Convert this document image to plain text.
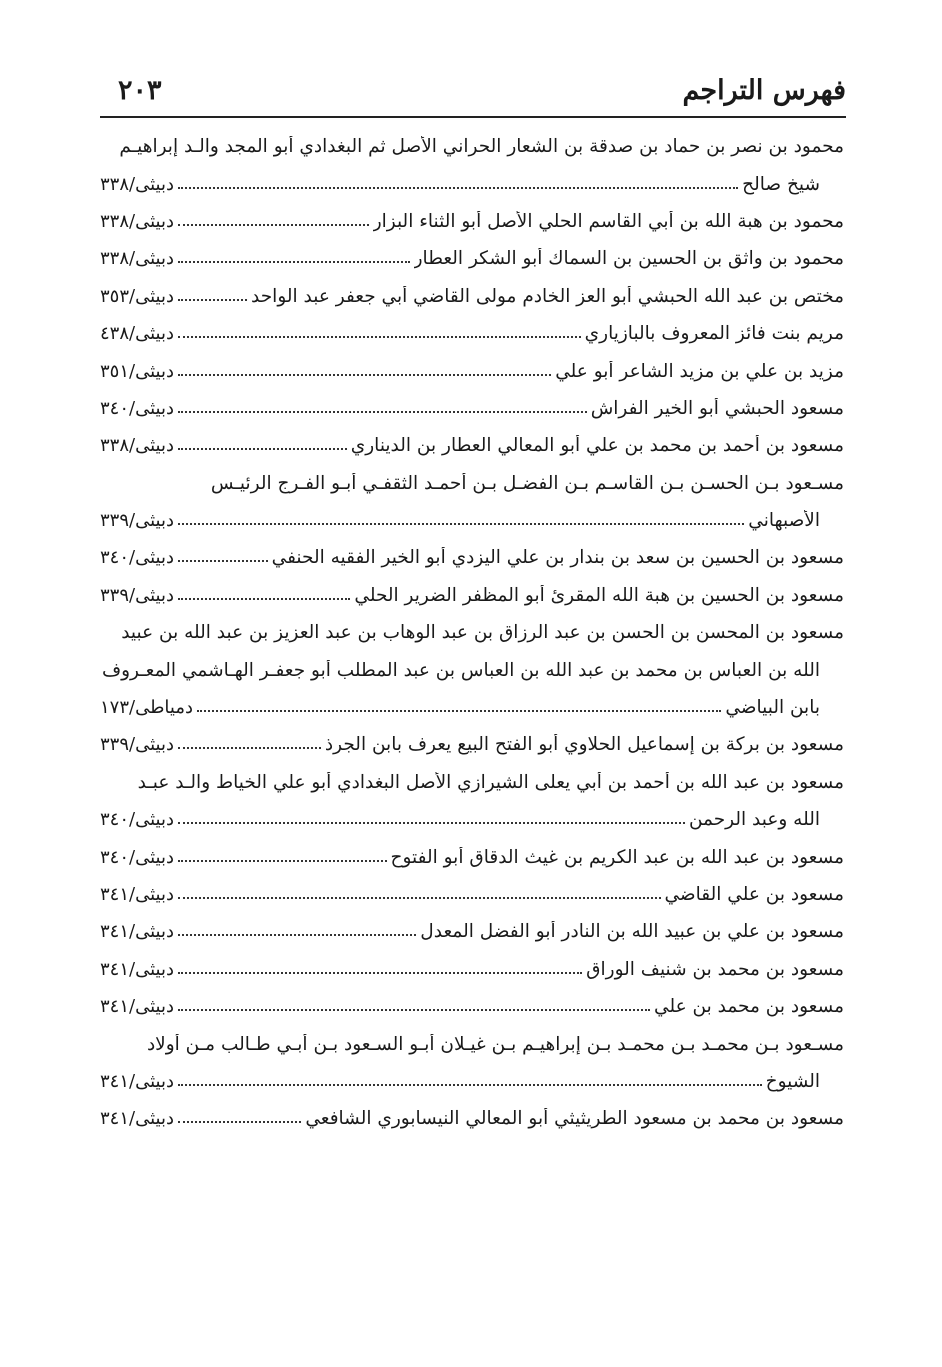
فهرس التراجم
٢٠٣
محمود بن نصر بن حماد بن صدقة بن الشعار الحراني الأصل ثم البغدادي أبو المجد والـد إبراهيـم
شيخ صالح
دبيثى/٣٣٨
محمود بن هبة الله بن أبي القاسم الحلي الأصل أبو الثناء البزار
دبيثى/٣٣٨
محمود بن واثق بن الحسين بن السماك أبو الشكر العطار
دبيثى/٣٣٨
مختص بن عبد الله الحبشي أبو العز الخادم مولى القاضي أبي جعفر عبد الواحد
دبيثى/٣٥٣
مريم بنت فائز المعروف بالبازياري
دبيثى/٤٣٨
مزيد بن علي بن مزيد الشاعر أبو علي
دبيثى/٣٥١
مسعود الحبشي أبو الخير الفراش
دبيثى/٣٤٠
مسعود بن أحمد بن محمد بن علي أبو المعالي العطار بن الديناري
دبيثى/٣٣٨
مسـعود بـن الحسـن بـن القاسـم بـن الفضـل بـن أحمـد الثقفـي أبـو الفـرج الرئيـس
الأصبهاني
دبيثى/٣٣٩
مسعود بن الحسين بن سعد بن بندار بن علي اليزدي أبو الخير الفقيه الحنفي
دبيثى/٣٤٠
مسعود بن الحسين بن هبة الله المقرئ أبو المظفر الضرير الحلي
دبيثى/٣٣٩
مسعود بن المحسن بن الحسن بن عبد الرزاق بن عبد الوهاب بن عبد العزيز بن عبد الله بن عبيد
الله بن العباس بن محمد بن عبد الله بن العباس بن عبد المطلب أبو جعفـر الهـاشمي المعـروف
بابن البياضي
دمياطى/١٧٣
مسعود بن بركة بن إسماعيل الحلاوي أبو الفتح البيع يعرف بابن الجرذ
دبيثى/٣٣٩
مسعود بن عبد الله بن أحمد بن أبي يعلى الشيرازي الأصل البغدادي أبو علي الخياط والـد عبـد
الله وعبد الرحمن
دبيثى/٣٤٠
مسعود بن عبد الله بن عبد الكريم بن غيث الدقاق أبو الفتوح
دبيثى/٣٤٠
مسعود بن علي القاضي
دبيثى/٣٤١
مسعود بن علي بن عبيد الله بن النادر أبو الفضل المعدل
دبيثى/٣٤١
مسعود بن محمد بن شنيف الوراق
دبيثى/٣٤١
مسعود بن محمد بن علي
دبيثى/٣٤١
مسـعود بـن محمـد بـن محمـد بـن إبراهيـم بـن غيـلان أبـو السـعود بـن أبـي طـالب مـن أولاد
الشيوخ
دبيثى/٣٤١
مسعود بن محمد بن مسعود الطريثيثي أبو المعالي النيسابوري الشافعي
دبيثى/٣٤١
